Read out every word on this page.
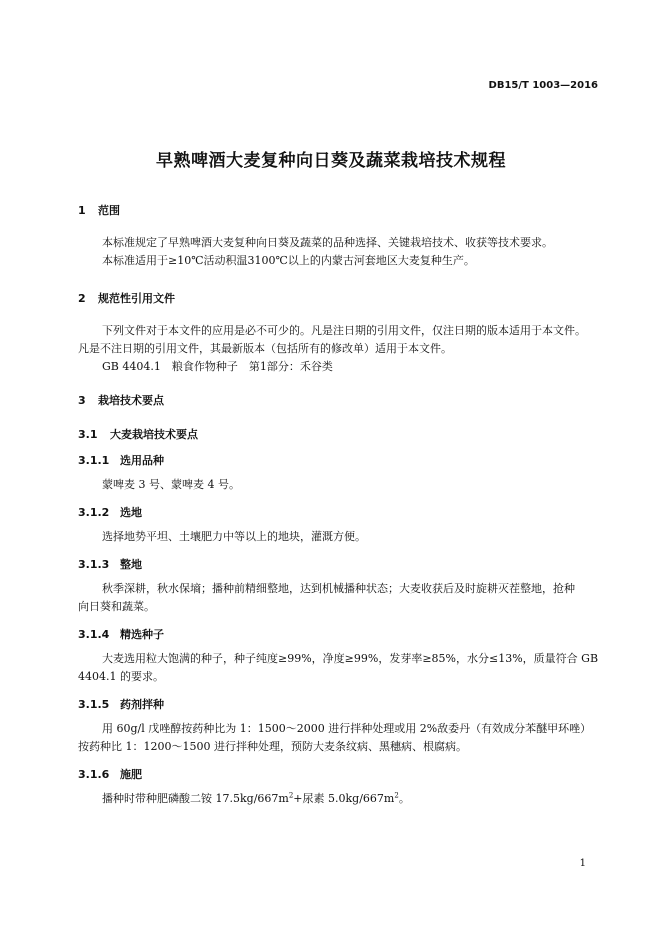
DB15/T 1003—2016
早熟啤酒大麦复种向日葵及蔬菜栽培技术规程
1 范围
本标准规定了早熟啤酒大麦复种向日葵及蔬菜的品种选择、关键栽培技术、收获等技术要求。
本标准适用于≥10℃活动积温3100℃以上的内蒙古河套地区大麦复种生产。
2 规范性引用文件
下列文件对于本文件的应用是必不可少的。凡是注日期的引用文件，仅注日期的版本适用于本文件。
凡是不注日期的引用文件，其最新版本（包括所有的修改单）适用于本文件。
GB 4404.1　粮食作物种子　第1部分：禾谷类
3 栽培技术要点
3.1 大麦栽培技术要点
3.1.1 选用品种
蒙啤麦 3 号、蒙啤麦 4 号。
3.1.2 选地
选择地势平坦、土壤肥力中等以上的地块，灌溉方便。
3.1.3 整地
秋季深耕，秋水保墒；播种前精细整地，达到机械播种状态；大麦收获后及时旋耕灭茬整地，抢种
向日葵和蔬菜。
3.1.4 精选种子
大麦选用粒大饱满的种子，种子纯度≥99%，净度≥99%，发芽率≥85%，水分≤13%，质量符合 GB
4404.1 的要求。
3.1.5 药剂拌种
用 60g/l 戊唑醇按药种比为 1：1500～2000 进行拌种处理或用 2%敌委丹（有效成分苯醚甲环唑）
按药种比 1：1200～1500 进行拌种处理，预防大麦条纹病、黑穗病、根腐病。
3.1.6 施肥
播种时带种肥磷酸二铵 $17.5kg/667m^2+$尿素 $5.0kg/667m^2$。
1
